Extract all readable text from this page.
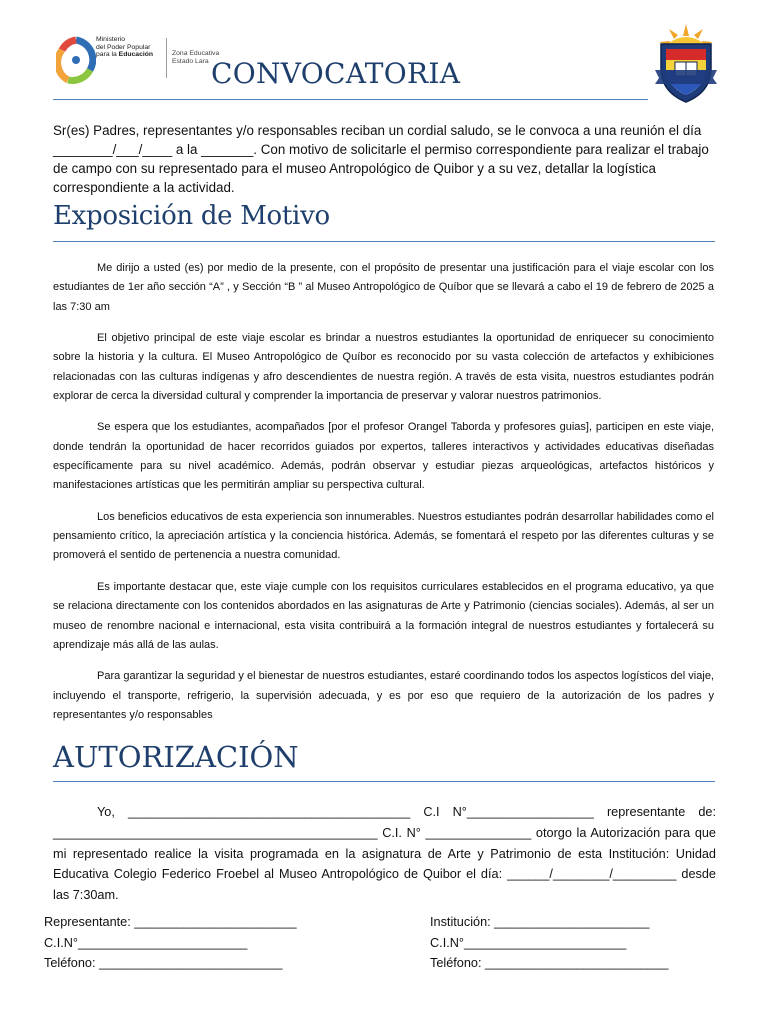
Ministerio
del Poder Popular
para la Educación	Zona Educativa
Estado Lara CONVOCATORIA
Sr(es) Padres, representantes y/o responsables reciban un cordial saludo, se le convoca a una reunión el día ________/___/____ a la _______. Con motivo de solicitarle el permiso correspondiente para realizar el trabajo de campo con su representado para el museo Antropológico de Quibor y a su vez, detallar la logística correspondiente a la actividad.
Exposición de Motivo

Me dirijo a usted (es) por medio de la presente, con el propósito de presentar una justificación para el viaje escolar con los estudiantes de 1er año sección “A” , y Sección “B ” al Museo Antropológico de Quíbor que se llevará a cabo el 19 de febrero de 2025 a las 7:30 am

El objetivo principal de este viaje escolar es brindar a nuestros estudiantes la oportunidad de enriquecer su conocimiento sobre la historia y la cultura. El Museo Antropológico de Quíbor es reconocido por su vasta colección de artefactos y exhibiciones relacionadas con las culturas indígenas y afro descendientes de nuestra región. A través de esta visita, nuestros estudiantes podrán explorar de cerca la diversidad cultural y comprender la importancia de preservar y valorar nuestros patrimonios.

Se espera que los estudiantes, acompañados [por el profesor Orangel Taborda y profesores guias], participen en este viaje, donde tendrán la oportunidad de hacer recorridos guiados por expertos, talleres interactivos y actividades educativas diseñadas específicamente para su nivel académico. Además, podrán observar y estudiar piezas arqueológicas, artefactos históricos y manifestaciones artísticas que les permitirán ampliar su perspectiva cultural.

Los beneficios educativos de esta experiencia son innumerables. Nuestros estudiantes podrán desarrollar habilidades como el pensamiento crítico, la apreciación artística y la conciencia histórica. Además, se fomentará el respeto por las diferentes culturas y se promoverá el sentido de pertenencia a nuestra comunidad.

Es importante destacar que, este viaje cumple con los requisitos curriculares establecidos en el programa educativo, ya que se relaciona directamente con los contenidos abordados en las asignaturas de Arte y Patrimonio (ciencias sociales). Además, al ser un museo de renombre nacional e internacional, esta visita contribuirá a la formación integral de nuestros estudiantes y fortalecerá su aprendizaje más allá de las aulas.

Para garantizar la seguridad y el bienestar de nuestros estudiantes, estaré coordinando todos los aspectos logísticos del viaje, incluyendo el transporte, refrigerio, la supervisión adecuada, y es por eso que requiero de la autorización de los padres y representantes y/o responsables

AUTORIZACIÓN
Yo, ________________________________________ C.I N°__________________ representante de: ______________________________________________ C.I. N° _______________ otorgo la Autorización para que mi representado realice la visita programada en la asignatura de Arte y Patrimonio de esta Institución: Unidad Educativa Colegio Federico Froebel al Museo Antropológico de Quibor el día: ______/________/_________ desde las 7:30am.
Representante: _______________________
C.I.N°________________________
Teléfono: __________________________
Institución: ______________________
C.I.N°_______________________
Teléfono: __________________________
